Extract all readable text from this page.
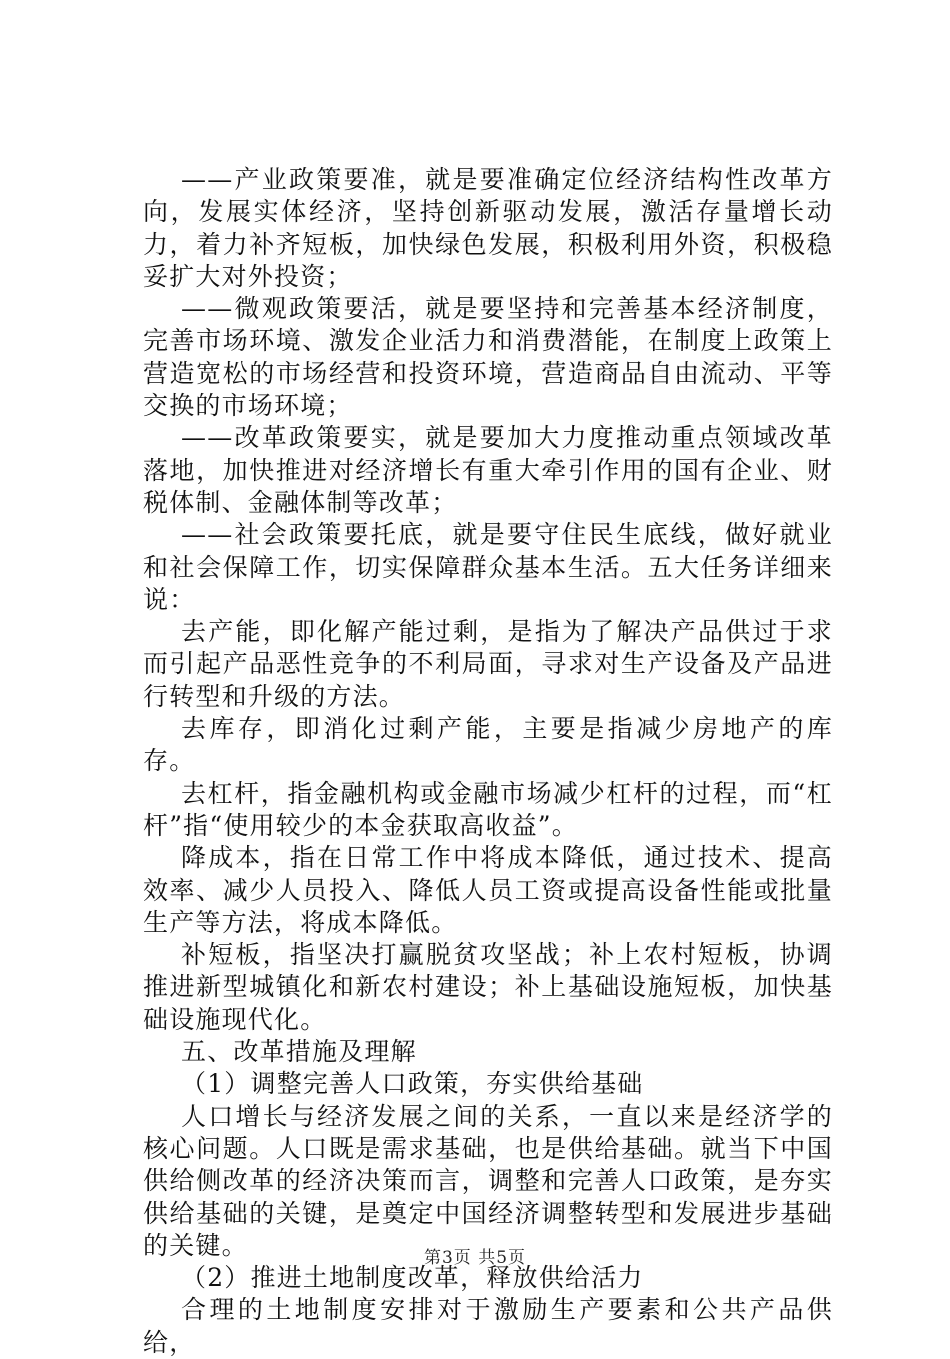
——产业政策要准，就是要准确定位经济结构性改革方向，发展实体经济，坚持创新驱动发展，激活存量增长动力，着力补齐短板，加快绿色发展，积极利用外资，积极稳妥扩大对外投资；

——微观政策要活，就是要坚持和完善基本经济制度，完善市场环境、激发企业活力和消费潜能，在制度上政策上营造宽松的市场经营和投资环境，营造商品自由流动、平等交换的市场环境；

——改革政策要实，就是要加大力度推动重点领域改革落地，加快推进对经济增长有重大牵引作用的国有企业、财税体制、金融体制等改革；

——社会政策要托底，就是要守住民生底线，做好就业和社会保障工作，切实保障群众基本生活。五大任务详细来说：

去产能，即化解产能过剩，是指为了解决产品供过于求而引起产品恶性竞争的不利局面，寻求对生产设备及产品进行转型和升级的方法。

去库存，即消化过剩产能，主要是指减少房地产的库存。

去杠杆，指金融机构或金融市场减少杠杆的过程，而“杠杆”指“使用较少的本金获取高收益”。

降成本，指在日常工作中将成本降低，通过技术、提高效率、减少人员投入、降低人员工资或提高设备性能或批量生产等方法，将成本降低。

补短板，指坚决打赢脱贫攻坚战；补上农村短板，协调推进新型城镇化和新农村建设；补上基础设施短板，加快基础设施现代化。

五、改革措施及理解

（1）调整完善人口政策，夯实供给基础

人口增长与经济发展之间的关系，一直以来是经济学的核心问题。人口既是需求基础，也是供给基础。就当下中国供给侧改革的经济决策而言，调整和完善人口政策，是夯实供给基础的关键，是奠定中国经济调整转型和发展进步基础的关键。

（2）推进土地制度改革，释放供给活力

合理的土地制度安排对于激励生产要素和公共产品供给，

第3页 共5页
